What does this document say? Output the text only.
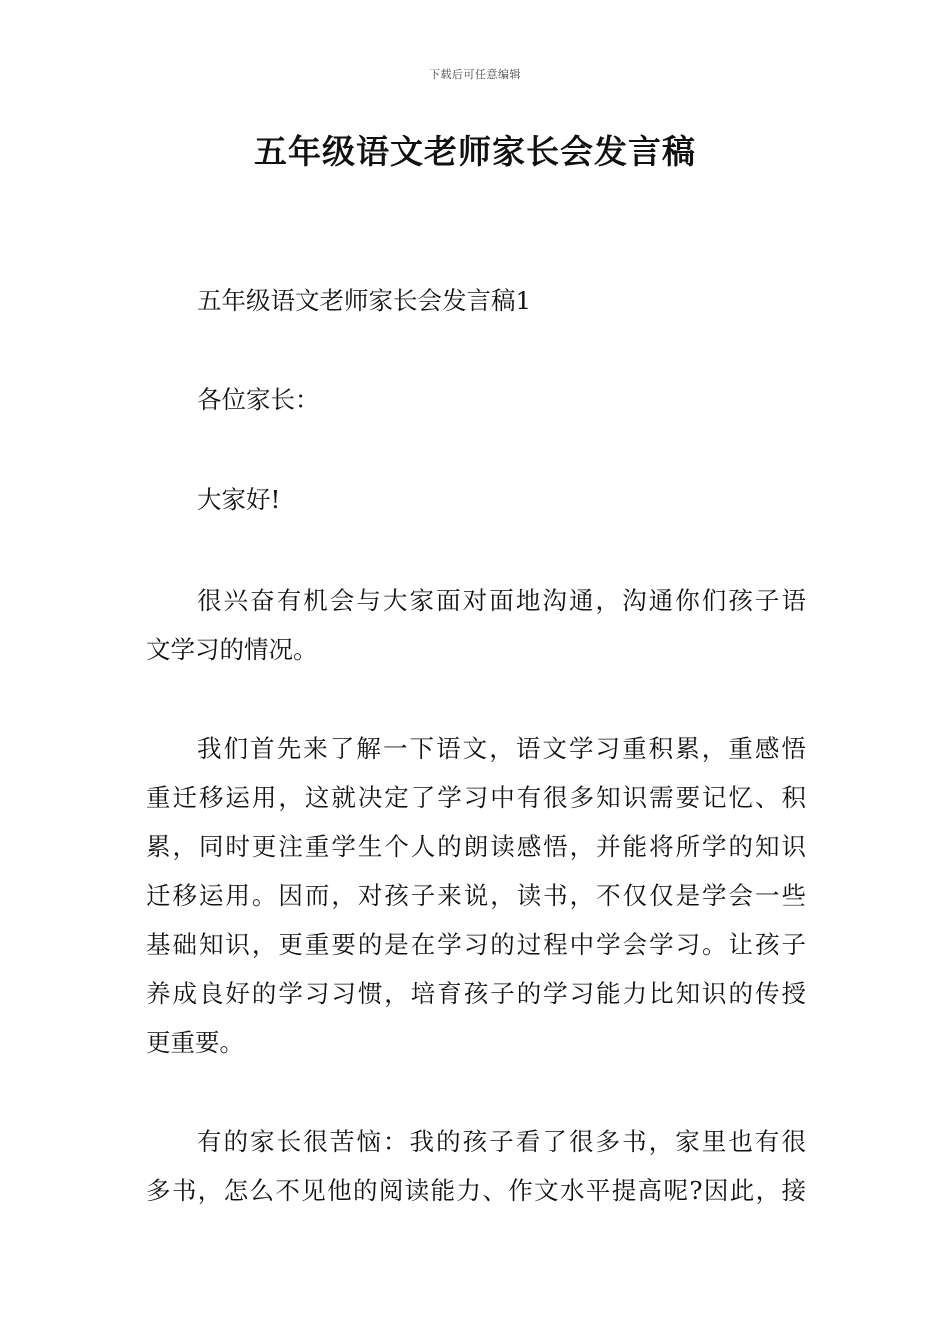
下载后可任意编辑
五年级语文老师家长会发言稿
五年级语文老师家长会发言稿1
各位家长：
大家好!
很兴奋有机会与大家面对面地沟通，沟通你们孩子语
文学习的情况。
我们首先来了解一下语文，语文学习重积累，重感悟
重迁移运用，这就决定了学习中有很多知识需要记忆、积
累，同时更注重学生个人的朗读感悟，并能将所学的知识
迁移运用。因而，对孩子来说，读书，不仅仅是学会一些
基础知识，更重要的是在学习的过程中学会学习。让孩子
养成良好的学习习惯，培育孩子的学习能力比知识的传授
更重要。
有的家长很苦恼：我的孩子看了很多书，家里也有很
多书，怎么不见他的阅读能力、作文水平提高呢?因此，接
